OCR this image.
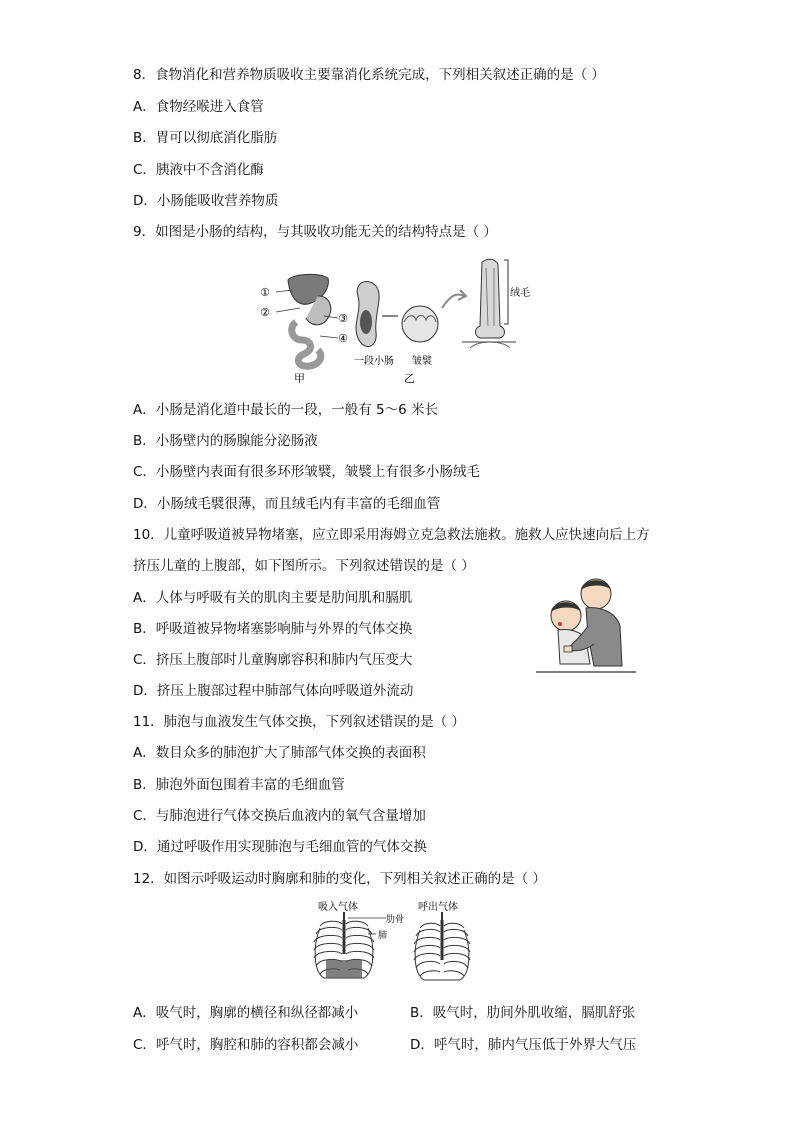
8．食物消化和营养物质吸收主要靠消化系统完成，下列相关叙述正确的是（ ）
A．食物经喉进入食管
B．胃可以彻底消化脂肪
C．胰液中不含消化酶
D．小肠能吸收营养物质
9．如图是小肠的结构，与其吸收功能无关的结构特点是（ ）
①
②	③
④
绒毛
一段小肠 皱襞
甲	乙
A．小肠是消化道中最长的一段，一般有 5～6 米长
B．小肠壁内的肠腺能分泌肠液
C．小肠壁内表面有很多环形皱襞，皱襞上有很多小肠绒毛
D．小肠绒毛襞很薄，而且绒毛内有丰富的毛细血管
10．儿童呼吸道被异物堵塞，应立即采用海姆立克急救法施救。施救人应快速向后上方
挤压儿童的上腹部，如下图所示。下列叙述错误的是（ ）
A．人体与呼吸有关的肌肉主要是肋间肌和膈肌
B．呼吸道被异物堵塞影响肺与外界的气体交换
C．挤压上腹部时儿童胸廓容积和肺内气压变大
D．挤压上腹部过程中肺部气体向呼吸道外流动
11．肺泡与血液发生气体交换，下列叙述错误的是（ ）
A．数目众多的肺泡扩大了肺部气体交换的表面积
B．肺泡外面包围着丰富的毛细血管
C．与肺泡进行气体交换后血液内的氧气含量增加
D．通过呼吸作用实现肺泡与毛细血管的气体交换
12．如图示呼吸运动时胸廓和肺的变化，下列相关叙述正确的是（ ）
吸入气体	呼出气体
肋骨
肺
A．吸气时，胸廓的横径和纵径都减小	B．吸气时，肋间外肌收缩，膈肌舒张
C．呼气时，胸腔和肺的容积都会减小	D．呼气时，肺内气压低于外界大气压
